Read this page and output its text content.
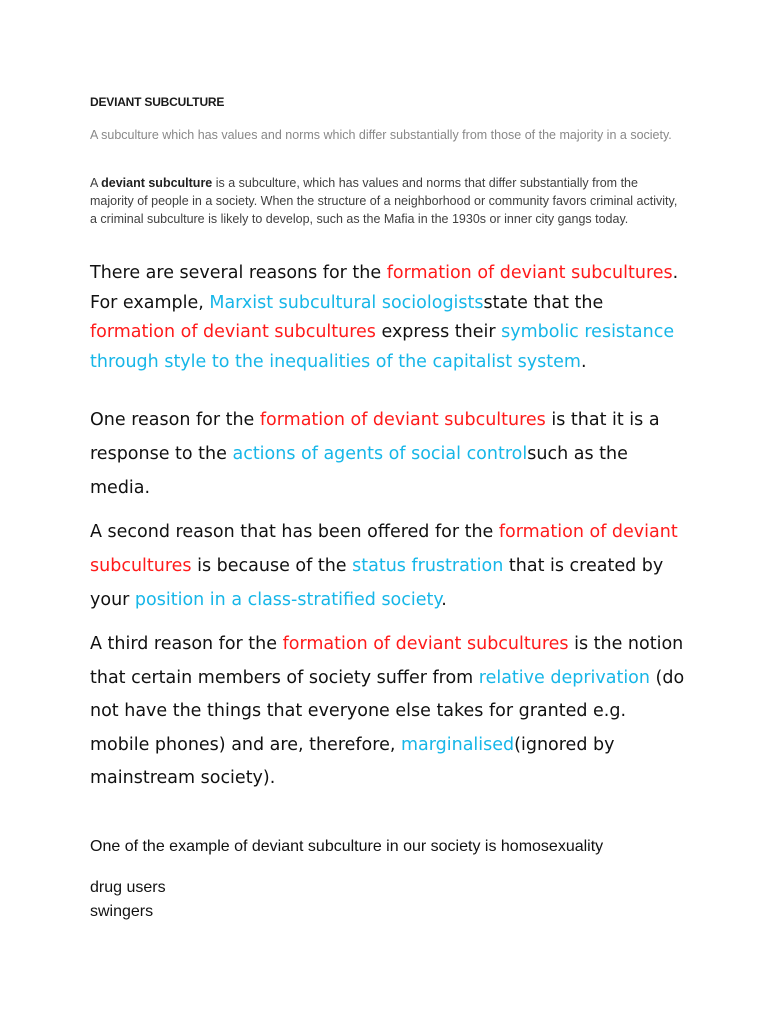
DEVIANT SUBCULTURE
A subculture which has values and norms which differ substantially from those of the majority in a society.
A deviant subculture is a subculture, which has values and norms that differ substantially from the majority of people in a society. When the structure of a neighborhood or community favors criminal activity, a criminal subculture is likely to develop, such as the Mafia in the 1930s or inner city gangs today.
There are several reasons for the formation of deviant subcultures. For example, Marxist subcultural sociologistsstate that the formation of deviant subcultures express their symbolic resistance through style to the inequalities of the capitalist system.
One reason for the formation of deviant subcultures is that it is a response to the actions of agents of social controlsuch as the media.
A second reason that has been offered for the formation of deviant subcultures is because of the status frustration that is created by your position in a class-stratified society.
A third reason for the formation of deviant subcultures is the notion that certain members of society suffer from relative deprivation (do not have the things that everyone else takes for granted e.g. mobile phones) and are, therefore, marginalised(ignored by mainstream society).
One of the example of deviant subculture in our society is homosexuality
drug users
swingers
